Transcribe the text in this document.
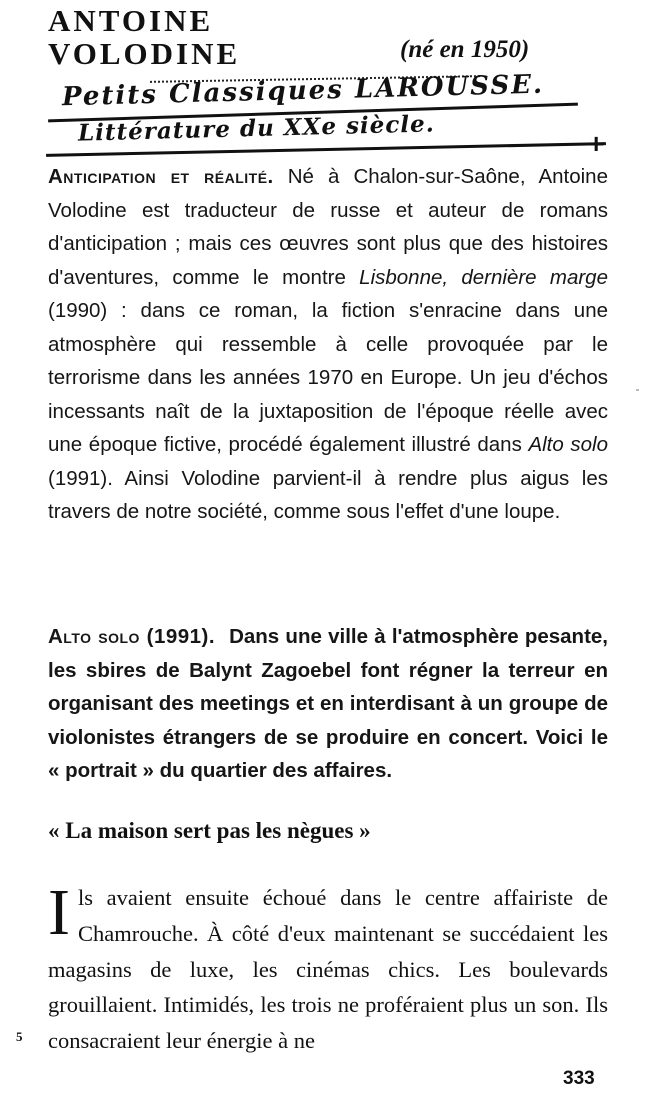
ANTOINE
VOLODINE	(né en 1950)
Petits Classiques LAROUSSE.
Littérature du XXe siècle.	+
Anticipation et réalité. Né à Chalon-sur-Saône, Antoine Volodine est traducteur de russe et auteur de romans d'anticipation ; mais ces œuvres sont plus que des histoires d'aventures, comme le montre Lisbonne, dernière marge (1990) : dans ce roman, la fiction s'enracine dans une atmosphère qui ressemble à celle provoquée par le terrorisme dans les années 1970 en Europe. Un jeu d'échos incessants naît de la juxtaposition de l'époque réelle avec une époque fictive, procédé également illustré dans Alto solo (1991). Ainsi Volodine parvient-il à rendre plus aigus les travers de notre société, comme sous l'effet d'une loupe.
Alto solo (1991). Dans une ville à l'atmosphère pesante, les sbires de Balynt Zagoebel font régner la terreur en organisant des meetings et en interdisant à un groupe de violonistes étrangers de se produire en concert. Voici le « portrait » du quartier des affaires.
« La maison sert pas les nègues »
Ils avaient ensuite échoué dans le centre affairiste de Chamrouche. À côté d'eux maintenant se succédaient les magasins de luxe, les cinémas chics. Les boulevards grouillaient. Intimidés, les trois ne proféraient plus un son. Ils consacraient leur énergie à ne
5
333
